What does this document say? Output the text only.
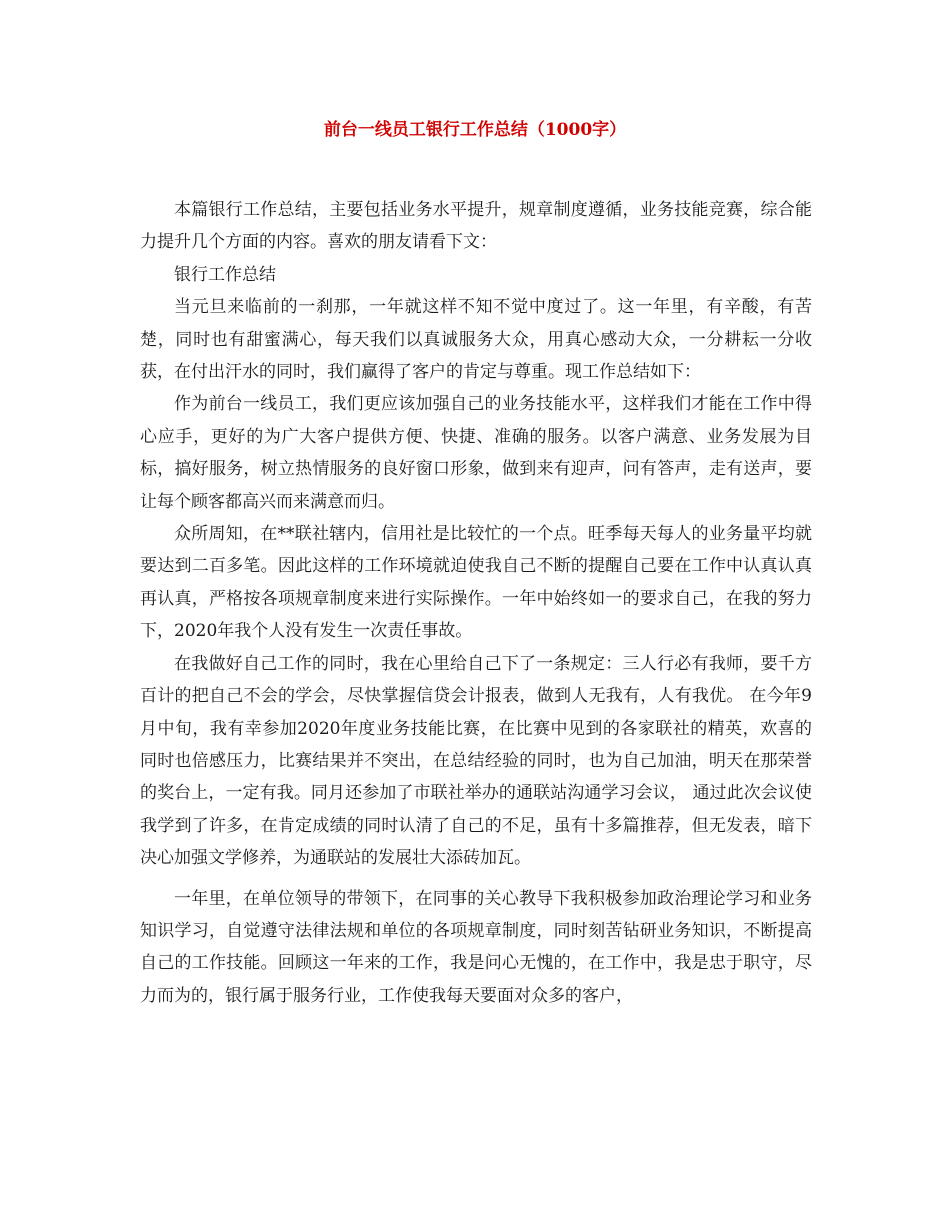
前台一线员工银行工作总结（1000字）

本篇银行工作总结，主要包括业务水平提升，规章制度遵循，业务技能竞赛，综合能力提升几个方面的内容。喜欢的朋友请看下文：

银行工作总结

当元旦来临前的一刹那，一年就这样不知不觉中度过了。这一年里，有辛酸，有苦楚，同时也有甜蜜满心，每天我们以真诚服务大众，用真心感动大众，一分耕耘一分收获，在付出汗水的同时，我们赢得了客户的肯定与尊重。现工作总结如下：

作为前台一线员工，我们更应该加强自己的业务技能水平，这样我们才能在工作中得心应手，更好的为广大客户提供方便、快捷、准确的服务。以客户满意、业务发展为目标，搞好服务，树立热情服务的良好窗口形象，做到来有迎声，问有答声，走有送声，要让每个顾客都高兴而来满意而归。

众所周知，在**联社辖内，信用社是比较忙的一个点。旺季每天每人的业务量平均就要达到二百多笔。因此这样的工作环境就迫使我自己不断的提醒自己要在工作中认真认真再认真，严格按各项规章制度来进行实际操作。一年中始终如一的要求自己，在我的努力下，2020年我个人没有发生一次责任事故。

在我做好自己工作的同时，我在心里给自己下了一条规定：三人行必有我师，要千方百计的把自己不会的学会，尽快掌握信贷会计报表，做到人无我有，人有我优。 在今年9月中旬，我有幸参加2020年度业务技能比赛，在比赛中见到的各家联社的精英，欢喜的同时也倍感压力，比赛结果并不突出，在总结经验的同时，也为自己加油，明天在那荣誉的奖台上，一定有我。同月还参加了市联社举办的通联站沟通学习会议， 通过此次会议使我学到了许多，在肯定成绩的同时认清了自己的不足，虽有十多篇推荐，但无发表，暗下决心加强文学修养，为通联站的发展壮大添砖加瓦。

一年里，在单位领导的带领下，在同事的关心教导下我积极参加政治理论学习和业务知识学习，自觉遵守法律法规和单位的各项规章制度，同时刻苦钻研业务知识，不断提高自己的工作技能。回顾这一年来的工作，我是问心无愧的，在工作中，我是忠于职守，尽力而为的，银行属于服务行业，工作使我每天要面对众多的客户，
